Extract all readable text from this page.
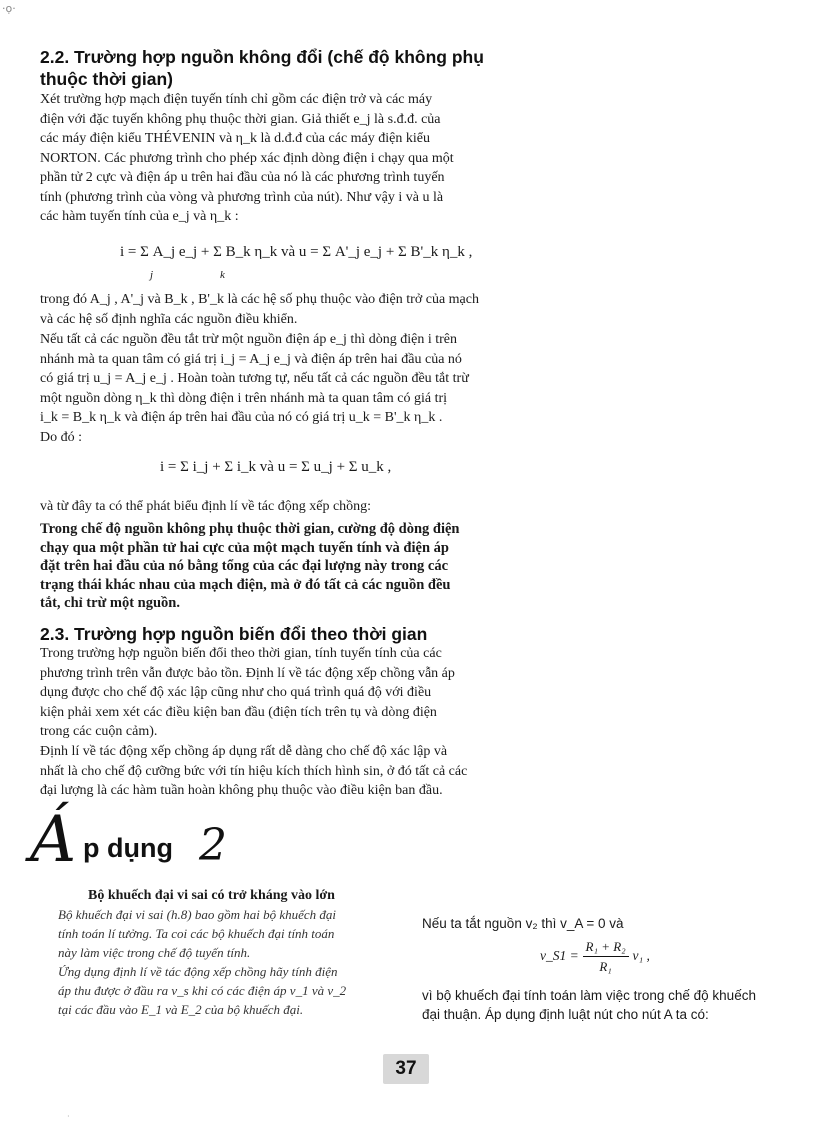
·ọ·
2.2. Trường hợp nguồn không đổi (chế độ không phụ
thuộc thời gian)
Xét trường hợp mạch điện tuyến tính chỉ gồm các điện trở và các máy
điện với đặc tuyến không phụ thuộc thời gian. Giả thiết e_j là s.đ.đ. của
các máy điện kiểu THÉVENIN và η_k là d.đ.đ của các máy điện kiểu
NORTON. Các phương trình cho phép xác định dòng điện i chạy qua một
phần tử 2 cực và điện áp u trên hai đầu của nó là các phương trình tuyến
tính (phương trình của vòng và phương trình của nút). Như vậy i và u là
các hàm tuyến tính của e_j và η_k :
i = Σ A_j e_j + Σ B_k η_k và u = Σ A'_j e_j + Σ B'_k η_k ,
j	k
trong đó A_j , A'_j và B_k , B'_k là các hệ số phụ thuộc vào điện trở của mạch
và các hệ số định nghĩa các nguồn điều khiển.
Nếu tất cả các nguồn đều tắt trừ một nguồn điện áp e_j thì dòng điện i trên
nhánh mà ta quan tâm có giá trị i_j = A_j e_j và điện áp trên hai đầu của nó
có giá trị u_j = A_j e_j . Hoàn toàn tương tự, nếu tất cả các nguồn đều tắt trừ
một nguồn dòng η_k thì dòng điện i trên nhánh mà ta quan tâm có giá trị
i_k = B_k η_k và điện áp trên hai đầu của nó có giá trị u_k = B'_k η_k .
Do đó :
i = Σ i_j + Σ i_k và u = Σ u_j + Σ u_k ,
và từ đây ta có thể phát biểu định lí về tác động xếp chồng:
Trong chế độ nguồn không phụ thuộc thời gian, cường độ dòng điện
chạy qua một phần tử hai cực của một mạch tuyến tính và điện áp
đặt trên hai đầu của nó bằng tổng của các đại lượng này trong các
trạng thái khác nhau của mạch điện, mà ở đó tất cả các nguồn đều
tắt, chỉ trừ một nguồn.
2.3. Trường hợp nguồn biến đổi theo thời gian
Trong trường hợp nguồn biến đổi theo thời gian, tính tuyến tính của các
phương trình trên vẫn được bảo tồn. Định lí về tác động xếp chồng vẫn áp
dụng được cho chế độ xác lập cũng như cho quá trình quá độ với điều
kiện phải xem xét các điều kiện ban đầu (điện tích trên tụ và dòng điện
trong các cuộn cảm).
Định lí về tác động xếp chồng áp dụng rất dễ dàng cho chế độ xác lập và
nhất là cho chế độ cưỡng bức với tín hiệu kích thích hình sin, ở đó tất cả các
đại lượng là các hàm tuần hoàn không phụ thuộc vào điều kiện ban đầu.
Á p dụng 2
Bộ khuếch đại vi sai có trở kháng vào lớn
Bộ khuếch đại vi sai (h.8) bao gồm hai bộ khuếch đại
tính toán lí tưởng. Ta coi các bộ khuếch đại tính toán
này làm việc trong chế độ tuyến tính.
Ứng dụng định lí về tác động xếp chồng hãy tính điện
áp thu được ở đầu ra v_s khi có các điện áp v_1 và v_2
tại các đầu vào E_1 và E_2 của bộ khuếch đại.
Nếu ta tắt nguồn v₂ thì v_A = 0 và
v_S1 = $\frac{\text{R₁ + R₂}}{\text{R₁}} v_1$ ,
vì bộ khuếch đại tính toán làm việc trong chế độ khuếch
đại thuận. Áp dụng định luật nút cho nút A ta có:
37
·
